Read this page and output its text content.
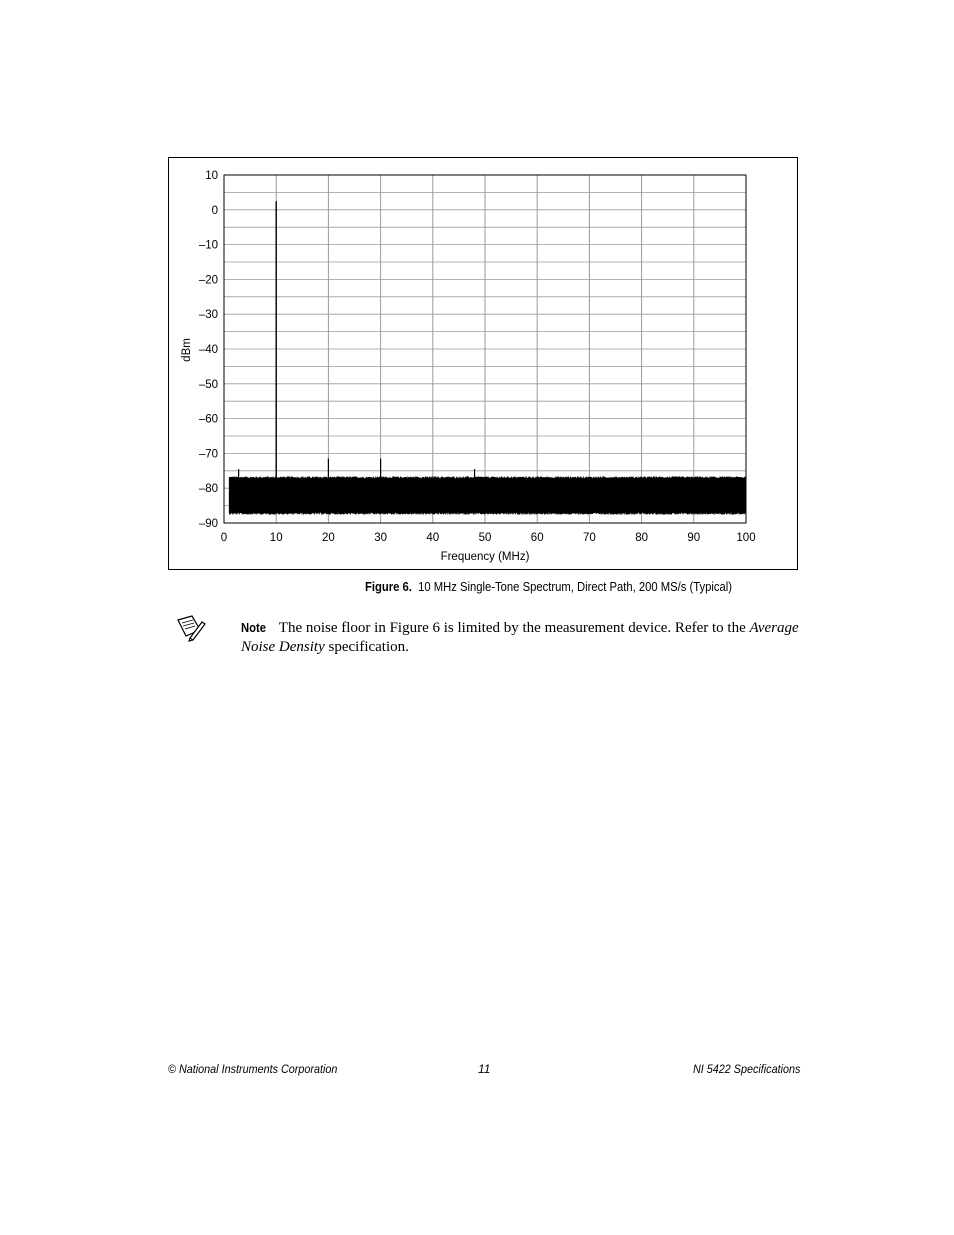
10
0
–10
–20
–30
–40
–50
–60
–70
–80
–90
0	10	20	30	40	50	60	70	80	90	100
Frequency (MHz)
dBm
Figure 6. 10 MHz Single-Tone Spectrum, Direct Path, 200 MS/s (Typical)
Note The noise floor in Figure 6 is limited by the measurement device. Refer to the Average Noise Density specification.
© National Instruments Corporation	11	NI 5422 Specifications
